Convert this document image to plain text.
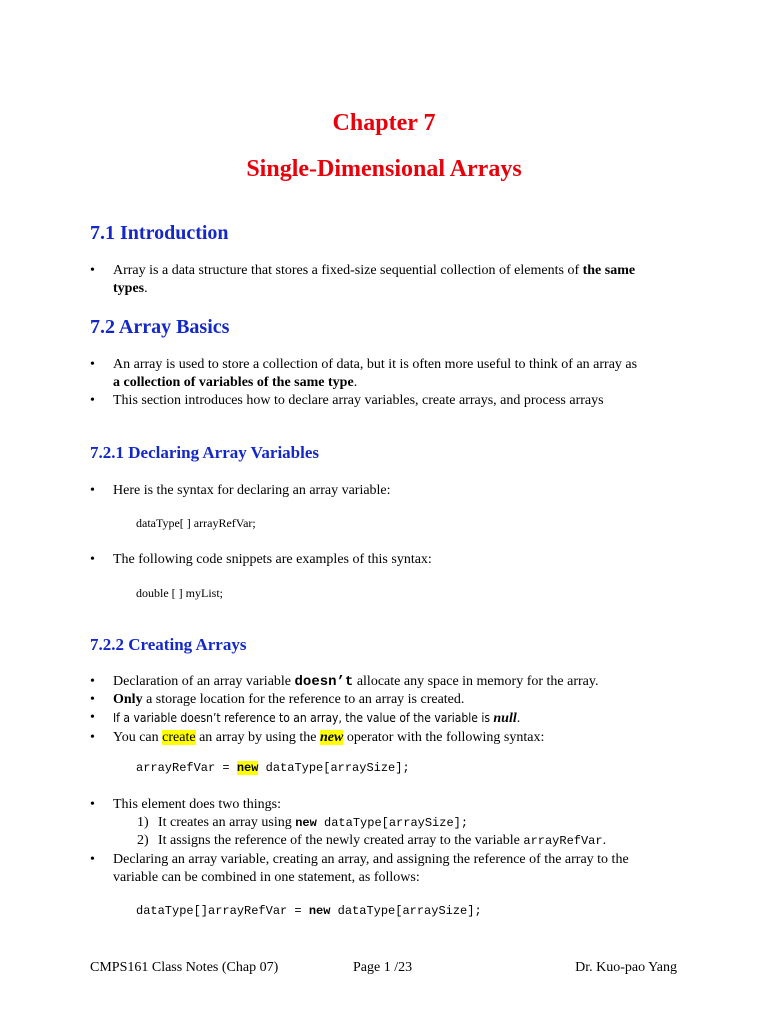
Chapter 7
Single-Dimensional Arrays
7.1 Introduction
• Array is a data structure that stores a fixed-size sequential collection of elements of the same
types.
7.2 Array Basics
• An array is used to store a collection of data, but it is often more useful to think of an array as
a collection of variables of the same type.
• This section introduces how to declare array variables, create arrays, and process arrays
7.2.1 Declaring Array Variables
• Here is the syntax for declaring an array variable:
dataType[ ] arrayRefVar;
• The following code snippets are examples of this syntax:
double [ ] myList;
7.2.2 Creating Arrays
• Declaration of an array variable doesn’t allocate any space in memory for the array.
• Only a storage location for the reference to an array is created.
• If a variable doesn’t reference to an array, the value of the variable is null.
• You can create an array by using the new operator with the following syntax:
arrayRefVar = new dataType[arraySize];
• This element does two things:
1) It creates an array using new dataType[arraySize];
2) It assigns the reference of the newly created array to the variable arrayRefVar.
• Declaring an array variable, creating an array, and assigning the reference of the array to the
variable can be combined in one statement, as follows:
dataType[]arrayRefVar = new dataType[arraySize];
CMPS161 Class Notes (Chap 07)	Page 1 /23	Dr. Kuo-pao Yang
